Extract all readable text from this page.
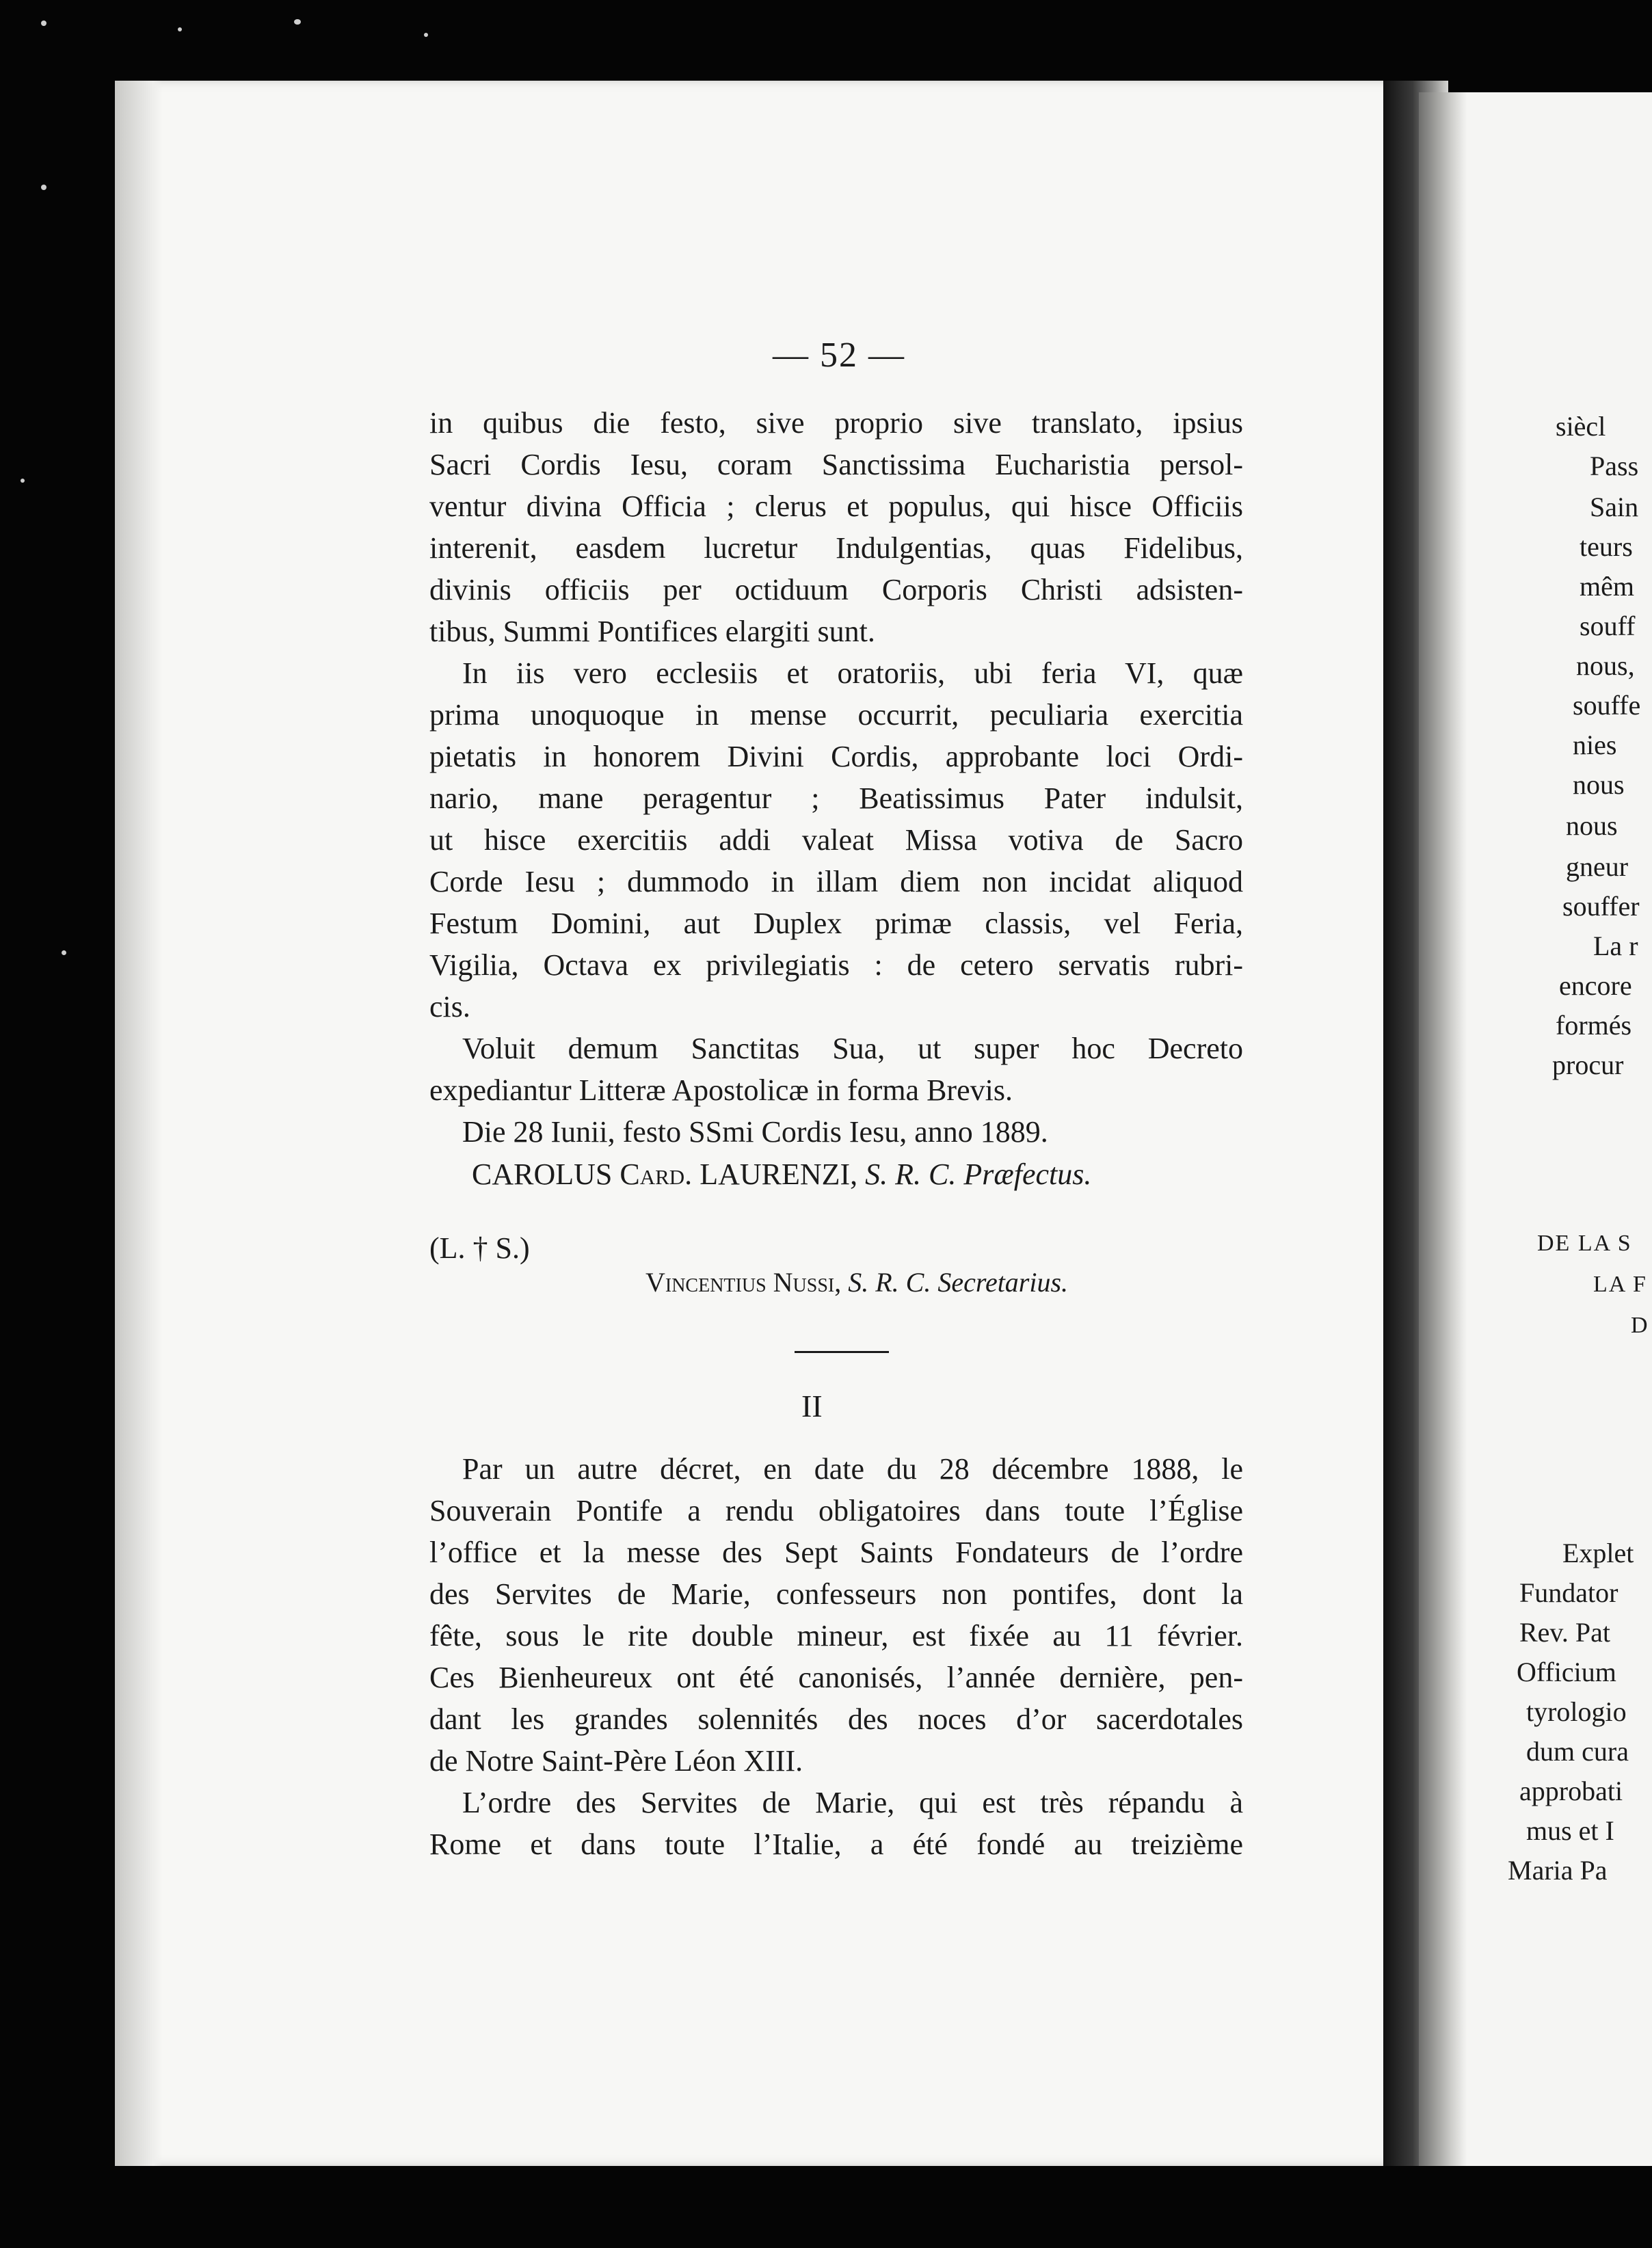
— 52 —
in quibus die festo, sive proprio sive translato, ipsius
Sacri Cordis Iesu, coram Sanctissima Eucharistia persol-
ventur divina Officia ; clerus et populus, qui hisce Officiis
interenit, easdem lucretur Indulgentias, quas Fidelibus,
divinis officiis per octiduum Corporis Christi adsisten-
tibus, Summi Pontifices elargiti sunt.
In iis vero ecclesiis et oratoriis, ubi feria VI, quæ
prima unoquoque in mense occurrit, peculiaria exercitia
pietatis in honorem Divini Cordis, approbante loci Ordi-
nario, mane peragentur ; Beatissimus Pater indulsit,
ut hisce exercitiis addi valeat Missa votiva de Sacro
Corde Iesu ; dummodo in illam diem non incidat aliquod
Festum Domini, aut Duplex primæ classis, vel Feria,
Vigilia, Octava ex privilegiatis : de cetero servatis rubri-
cis.
Voluit demum Sanctitas Sua, ut super hoc Decreto
expediantur Litteræ Apostolicæ in forma Brevis.
Die 28 Iunii, festo SSmi Cordis Iesu, anno 1889.
CAROLUS Card. LAURENZI, S. R. C. Præfectus.
(L. † S.)
Vincentius Nussi, S. R. C. Secretarius.
II
Par un autre décret, en date du 28 décembre 1888, le
Souverain Pontife a rendu obligatoires dans toute l’Église
l’office et la messe des Sept Saints Fondateurs de l’ordre
des Servites de Marie, confesseurs non pontifes, dont la
fête, sous le rite double mineur, est fixée au 11 février.
Ces Bienheureux ont été canonisés, l’année dernière, pen-
dant les grandes solennités des noces d’or sacerdotales
de Notre Saint-Père Léon XIII.
L’ordre des Servites de Marie, qui est très répandu à
Rome et dans toute l’Italie, a été fondé au treizième
siècl
Pass
Sain
teurs
mêm
souff
nous,
souffe
nies
nous
nous
gneur
souffer
La r
encore
formés
procur
DE LA S
LA F
D
Explet
Fundator
Rev. Pat
Officium
tyrologio
dum cura
approbati
mus et I
Maria Pa
